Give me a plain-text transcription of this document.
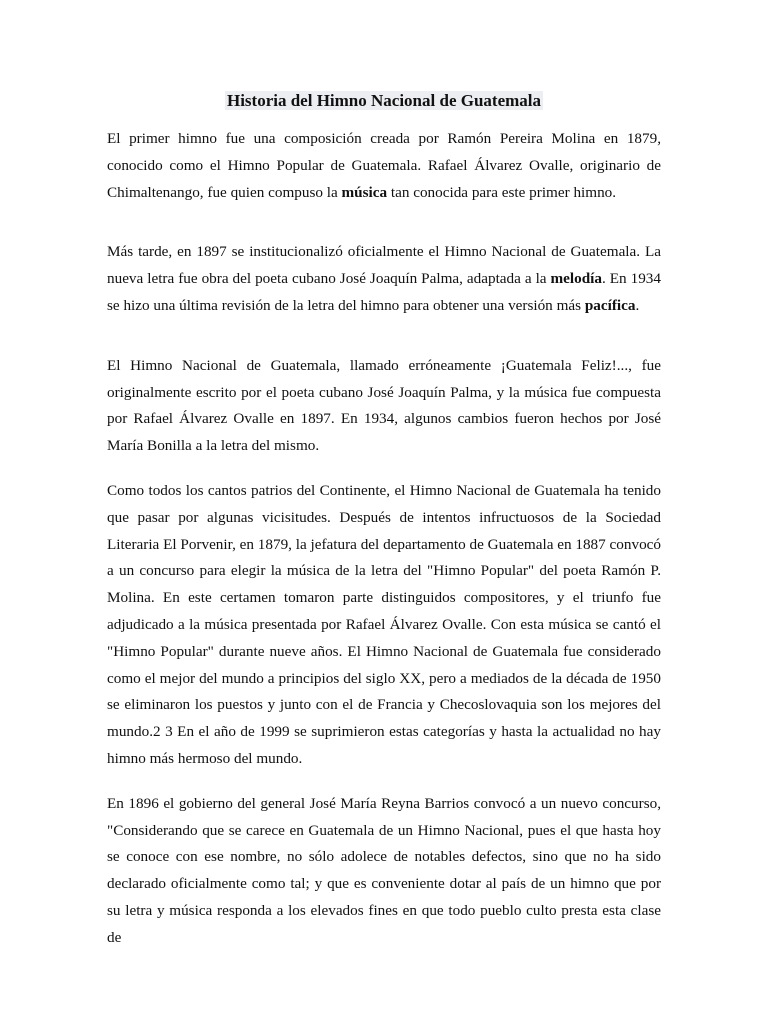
Historia del Himno Nacional de Guatemala

El primer himno fue una composición creada por Ramón Pereira Molina en 1879, conocido como el Himno Popular de Guatemala. Rafael Álvarez Ovalle, originario de Chimaltenango, fue quien compuso la música tan conocida para este primer himno.

Más tarde, en 1897 se institucionalizó oficialmente el Himno Nacional de Guatemala. La nueva letra fue obra del poeta cubano José Joaquín Palma, adaptada a la melodía. En 1934 se hizo una última revisión de la letra del himno para obtener una versión más pacífica.

El Himno Nacional de Guatemala, llamado erróneamente ¡Guatemala Feliz!..., fue originalmente escrito por el poeta cubano José Joaquín Palma, y la música fue compuesta por Rafael Álvarez Ovalle en 1897. En 1934, algunos cambios fueron hechos por José María Bonilla a la letra del mismo.

Como todos los cantos patrios del Continente, el Himno Nacional de Guatemala ha tenido que pasar por algunas vicisitudes. Después de intentos infructuosos de la Sociedad Literaria El Porvenir, en 1879, la jefatura del departamento de Guatemala en 1887 convocó a un concurso para elegir la música de la letra del "Himno Popular" del poeta Ramón P. Molina. En este certamen tomaron parte distinguidos compositores, y el triunfo fue adjudicado a la música presentada por Rafael Álvarez Ovalle. Con esta música se cantó el "Himno Popular" durante nueve años. El Himno Nacional de Guatemala fue considerado como el mejor del mundo a principios del siglo XX, pero a mediados de la década de 1950 se eliminaron los puestos y junto con el de Francia y Checoslovaquia son los mejores del mundo.2 3 En el año de 1999 se suprimieron estas categorías y hasta la actualidad no hay himno más hermoso del mundo.

En 1896 el gobierno del general José María Reyna Barrios convocó a un nuevo concurso, "Considerando que se carece en Guatemala de un Himno Nacional, pues el que hasta hoy se conoce con ese nombre, no sólo adolece de notables defectos, sino que no ha sido declarado oficialmente como tal; y que es conveniente dotar al país de un himno que por su letra y música responda a los elevados fines en que todo pueblo culto presta esta clase de
